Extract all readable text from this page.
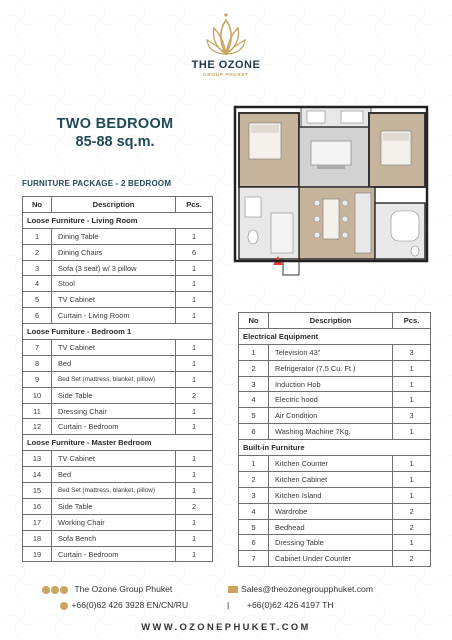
THE OZONE
GROUP PHUKET
TWO BEDROOM
85-88 sq.m.
FURNITURE PACKAGE - 2 BEDROOM
No	Description	Pcs.
Loose Furniture - Living Room		
1	Dining Table	1
2	Dining Chairs	6
3	Sofa (3 seat) w/ 3 pillow	1
4	Stool	1
5	TV Cabinet	1
6	Curtain - Living Room	1
Loose Furniture - Bedroom 1		
7	TV Cabinet	1
8	Bed	1
9	Bed Set (mattress, blanket, pillow)	1
10	Side Table	2
11	Dressing Chair	1
12	Curtain - Bedroom	1
Loose Furniture - Master Bedroom		
13	TV Cabinet	1
14	Bed	1
15	Bed Set (mattress, blanket, pillow)	1
16	Side Table	2
17	Working Chair	1
18	Sofa Bench	1
19	Curtain - Bedroom	1
No	Description	Pcs.
Electrical Equipment		
1	Television 43"	3
2	Refrigerator (7.5 Cu. Ft.)	1
3	Induction Hob	1
4	Electric hood	1
5	Air Condition	3
6	Washing Machine 7Kg.	1
Built-in Furniture		
1	Kitchen Counter	1
2	Kitchen Cabinet	1
3	Kitchen Island	1
4	Wardrobe	2
5	Bedhead	2
6	Dressing Table	1
7	Cabinet Under Counter	2
The Ozone Group Phuket	Sales@theozonegroupphuket.com
+66(0)62 426 3928 EN/CN/RU	| +66(0)62 426 4197 TH
WWW.OZONEPHUKET.COM
